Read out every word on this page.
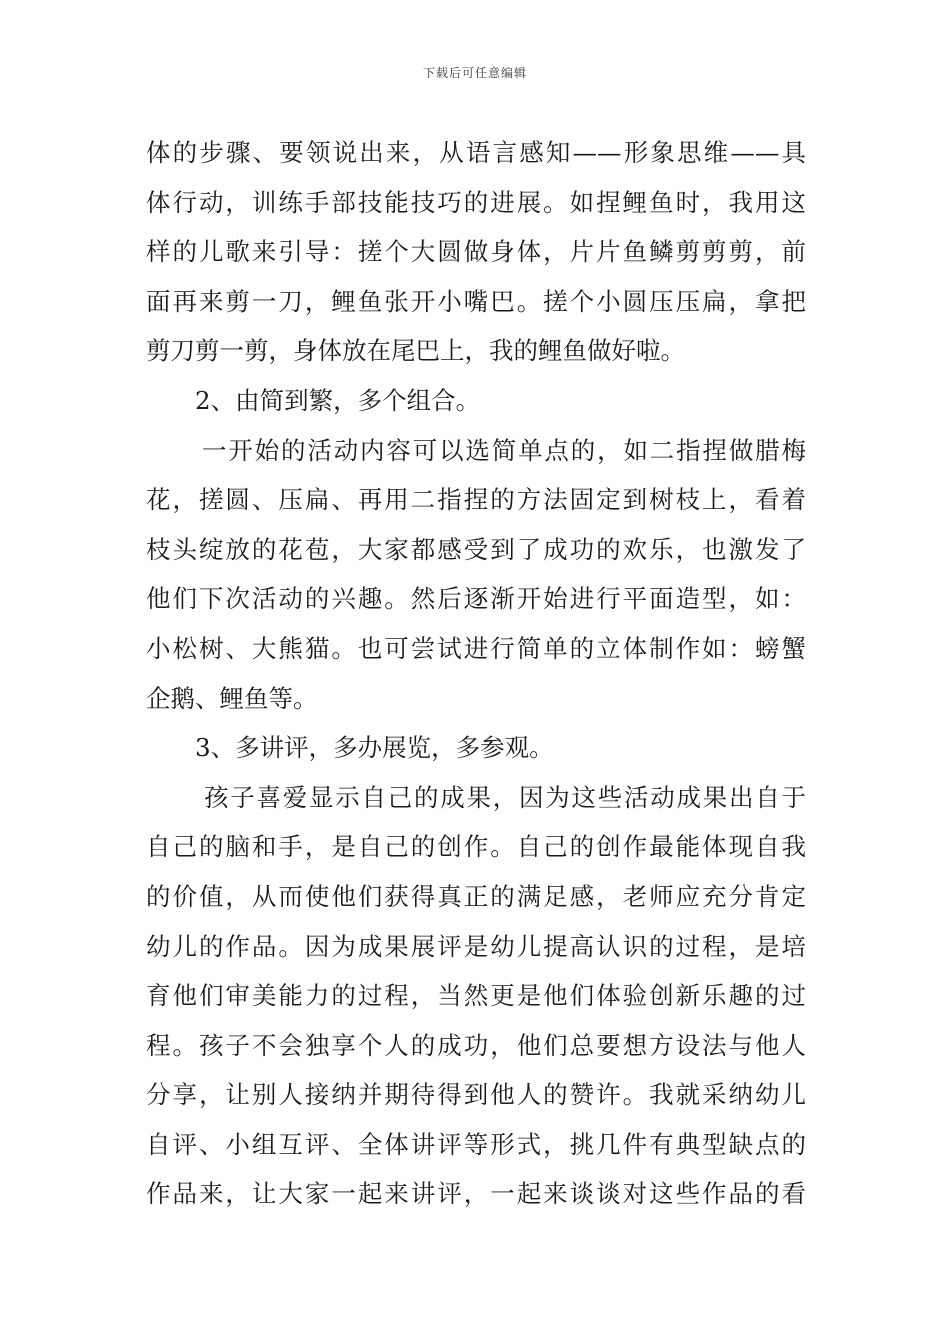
下载后可任意编辑
体的步骤、要领说出来，从语言感知——形象思维——具
体行动，训练手部技能技巧的进展。如捏鲤鱼时，我用这
样的儿歌来引导：搓个大圆做身体，片片鱼鳞剪剪剪，前
面再来剪一刀，鲤鱼张开小嘴巴。搓个小圆压压扁，拿把
剪刀剪一剪，身体放在尾巴上，我的鲤鱼做好啦。
2、由简到繁，多个组合。
一开始的活动内容可以选简单点的，如二指捏做腊梅
花，搓圆、压扁、再用二指捏的方法固定到树枝上，看着
枝头绽放的花苞，大家都感受到了成功的欢乐，也激发了
他们下次活动的兴趣。然后逐渐开始进行平面造型，如：
小松树、大熊猫。也可尝试进行简单的立体制作如：螃蟹
企鹅、鲤鱼等。
3、多讲评，多办展览，多参观。
孩子喜爱显示自己的成果，因为这些活动成果出自于
自己的脑和手，是自己的创作。自己的创作最能体现自我
的价值，从而使他们获得真正的满足感，老师应充分肯定
幼儿的作品。因为成果展评是幼儿提高认识的过程，是培
育他们审美能力的过程，当然更是他们体验创新乐趣的过
程。孩子不会独享个人的成功，他们总要想方设法与他人
分享，让别人接纳并期待得到他人的赞许。我就采纳幼儿
自评、小组互评、全体讲评等形式，挑几件有典型缺点的
作品来，让大家一起来讲评，一起来谈谈对这些作品的看
